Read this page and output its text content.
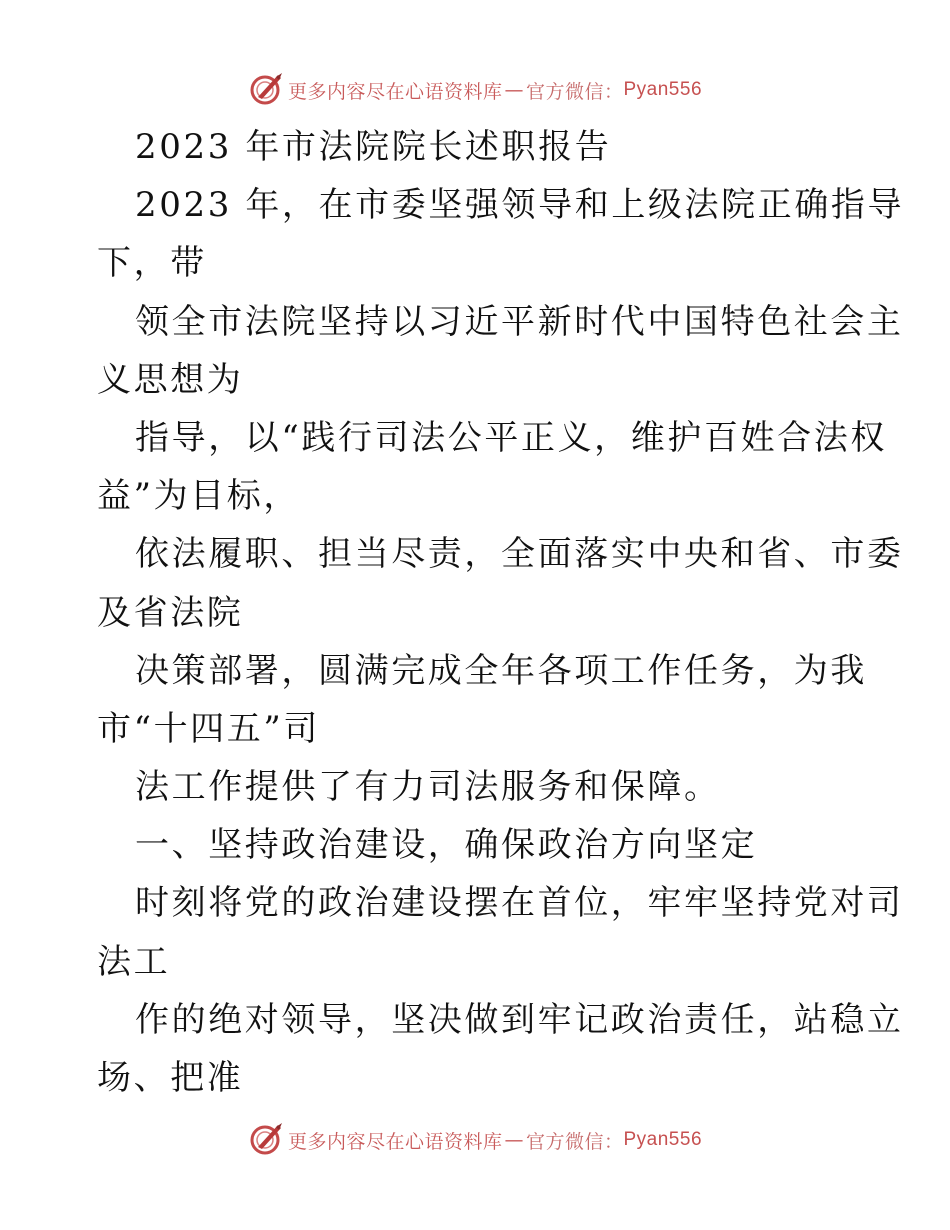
更多内容尽在心语资料库 — 官方微信： Pyan556
2023 年市法院院长述职报告
2023 年，在市委坚强领导和上级法院正确指导
下，带
领全市法院坚持以习近平新时代中国特色社会主
义思想为
指导，以“践行司法公平正义，维护百姓合法权
益”为目标，
依法履职、担当尽责，全面落实中央和省、市委
及省法院
决策部署，圆满完成全年各项工作任务，为我
市“十四五”司
法工作提供了有力司法服务和保障。
一、坚持政治建设，确保政治方向坚定
时刻将党的政治建设摆在首位，牢牢坚持党对司
法工
作的绝对领导，坚决做到牢记政治责任，站稳立
场、把准
更多内容尽在心语资料库 — 官方微信： Pyan556
